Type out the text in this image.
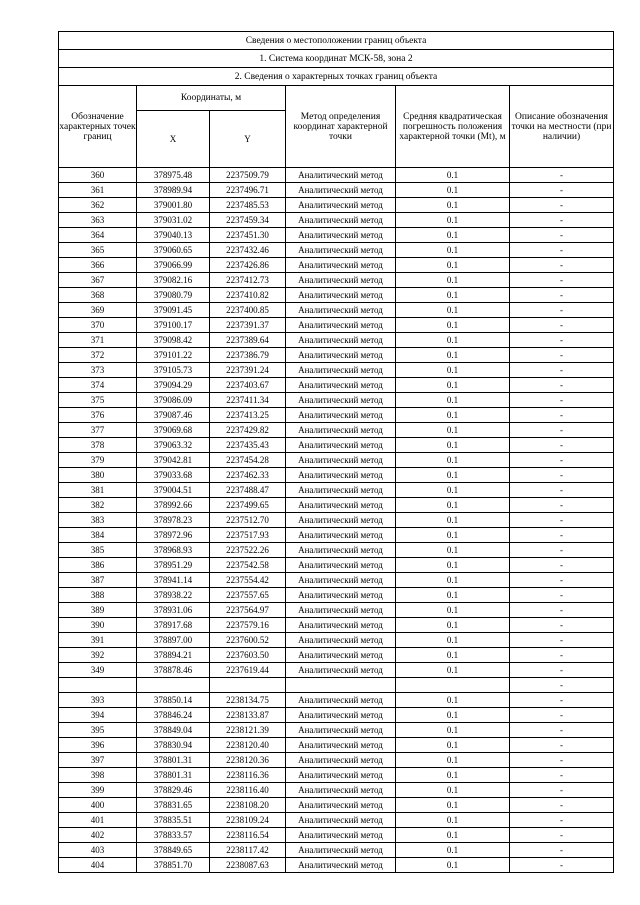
Сведения о местоположении границ объекта					
1. Система координат МСК-58, зона 2					
2. Сведения о характерных точках границ объекта					
Обозначение характерных точек границ	Координаты, м		Метод определения координат характерной точки	Средняя квадратическая погрешность положения характерной точки (Mt), м	Описание обозначения точки на местности (при наличии)
	X	Y			
360	378975.48	2237509.79	Аналитический метод	0.1	-
361	378989.94	2237496.71	Аналитический метод	0.1	-
362	379001.80	2237485.53	Аналитический метод	0.1	-
363	379031.02	2237459.34	Аналитический метод	0.1	-
364	379040.13	2237451.30	Аналитический метод	0.1	-
365	379060.65	2237432.46	Аналитический метод	0.1	-
366	379066.99	2237426.86	Аналитический метод	0.1	-
367	379082.16	2237412.73	Аналитический метод	0.1	-
368	379080.79	2237410.82	Аналитический метод	0.1	-
369	379091.45	2237400.85	Аналитический метод	0.1	-
370	379100.17	2237391.37	Аналитический метод	0.1	-
371	379098.42	2237389.64	Аналитический метод	0.1	-
372	379101.22	2237386.79	Аналитический метод	0.1	-
373	379105.73	2237391.24	Аналитический метод	0.1	-
374	379094.29	2237403.67	Аналитический метод	0.1	-
375	379086.09	2237411.34	Аналитический метод	0.1	-
376	379087.46	2237413.25	Аналитический метод	0.1	-
377	379069.68	2237429.82	Аналитический метод	0.1	-
378	379063.32	2237435.43	Аналитический метод	0.1	-
379	379042.81	2237454.28	Аналитический метод	0.1	-
380	379033.68	2237462.33	Аналитический метод	0.1	-
381	379004.51	2237488.47	Аналитический метод	0.1	-
382	378992.66	2237499.65	Аналитический метод	0.1	-
383	378978.23	2237512.70	Аналитический метод	0.1	-
384	378972.96	2237517.93	Аналитический метод	0.1	-
385	378968.93	2237522.26	Аналитический метод	0.1	-
386	378951.29	2237542.58	Аналитический метод	0.1	-
387	378941.14	2237554.42	Аналитический метод	0.1	-
388	378938.22	2237557.65	Аналитический метод	0.1	-
389	378931.06	2237564.97	Аналитический метод	0.1	-
390	378917.68	2237579.16	Аналитический метод	0.1	-
391	378897.00	2237600.52	Аналитический метод	0.1	-
392	378894.21	2237603.50	Аналитический метод	0.1	-
349	378878.46	2237619.44	Аналитический метод	0.1	-
					-
393	378850.14	2238134.75	Аналитический метод	0.1	-
394	378846.24	2238133.87	Аналитический метод	0.1	-
395	378849.04	2238121.39	Аналитический метод	0.1	-
396	378830.94	2238120.40	Аналитический метод	0.1	-
397	378801.31	2238120.36	Аналитический метод	0.1	-
398	378801.31	2238116.36	Аналитический метод	0.1	-
399	378829.46	2238116.40	Аналитический метод	0.1	-
400	378831.65	2238108.20	Аналитический метод	0.1	-
401	378835.51	2238109.24	Аналитический метод	0.1	-
402	378833.57	2238116.54	Аналитический метод	0.1	-
403	378849.65	2238117.42	Аналитический метод	0.1	-
404	378851.70	2238087.63	Аналитический метод	0.1	-
